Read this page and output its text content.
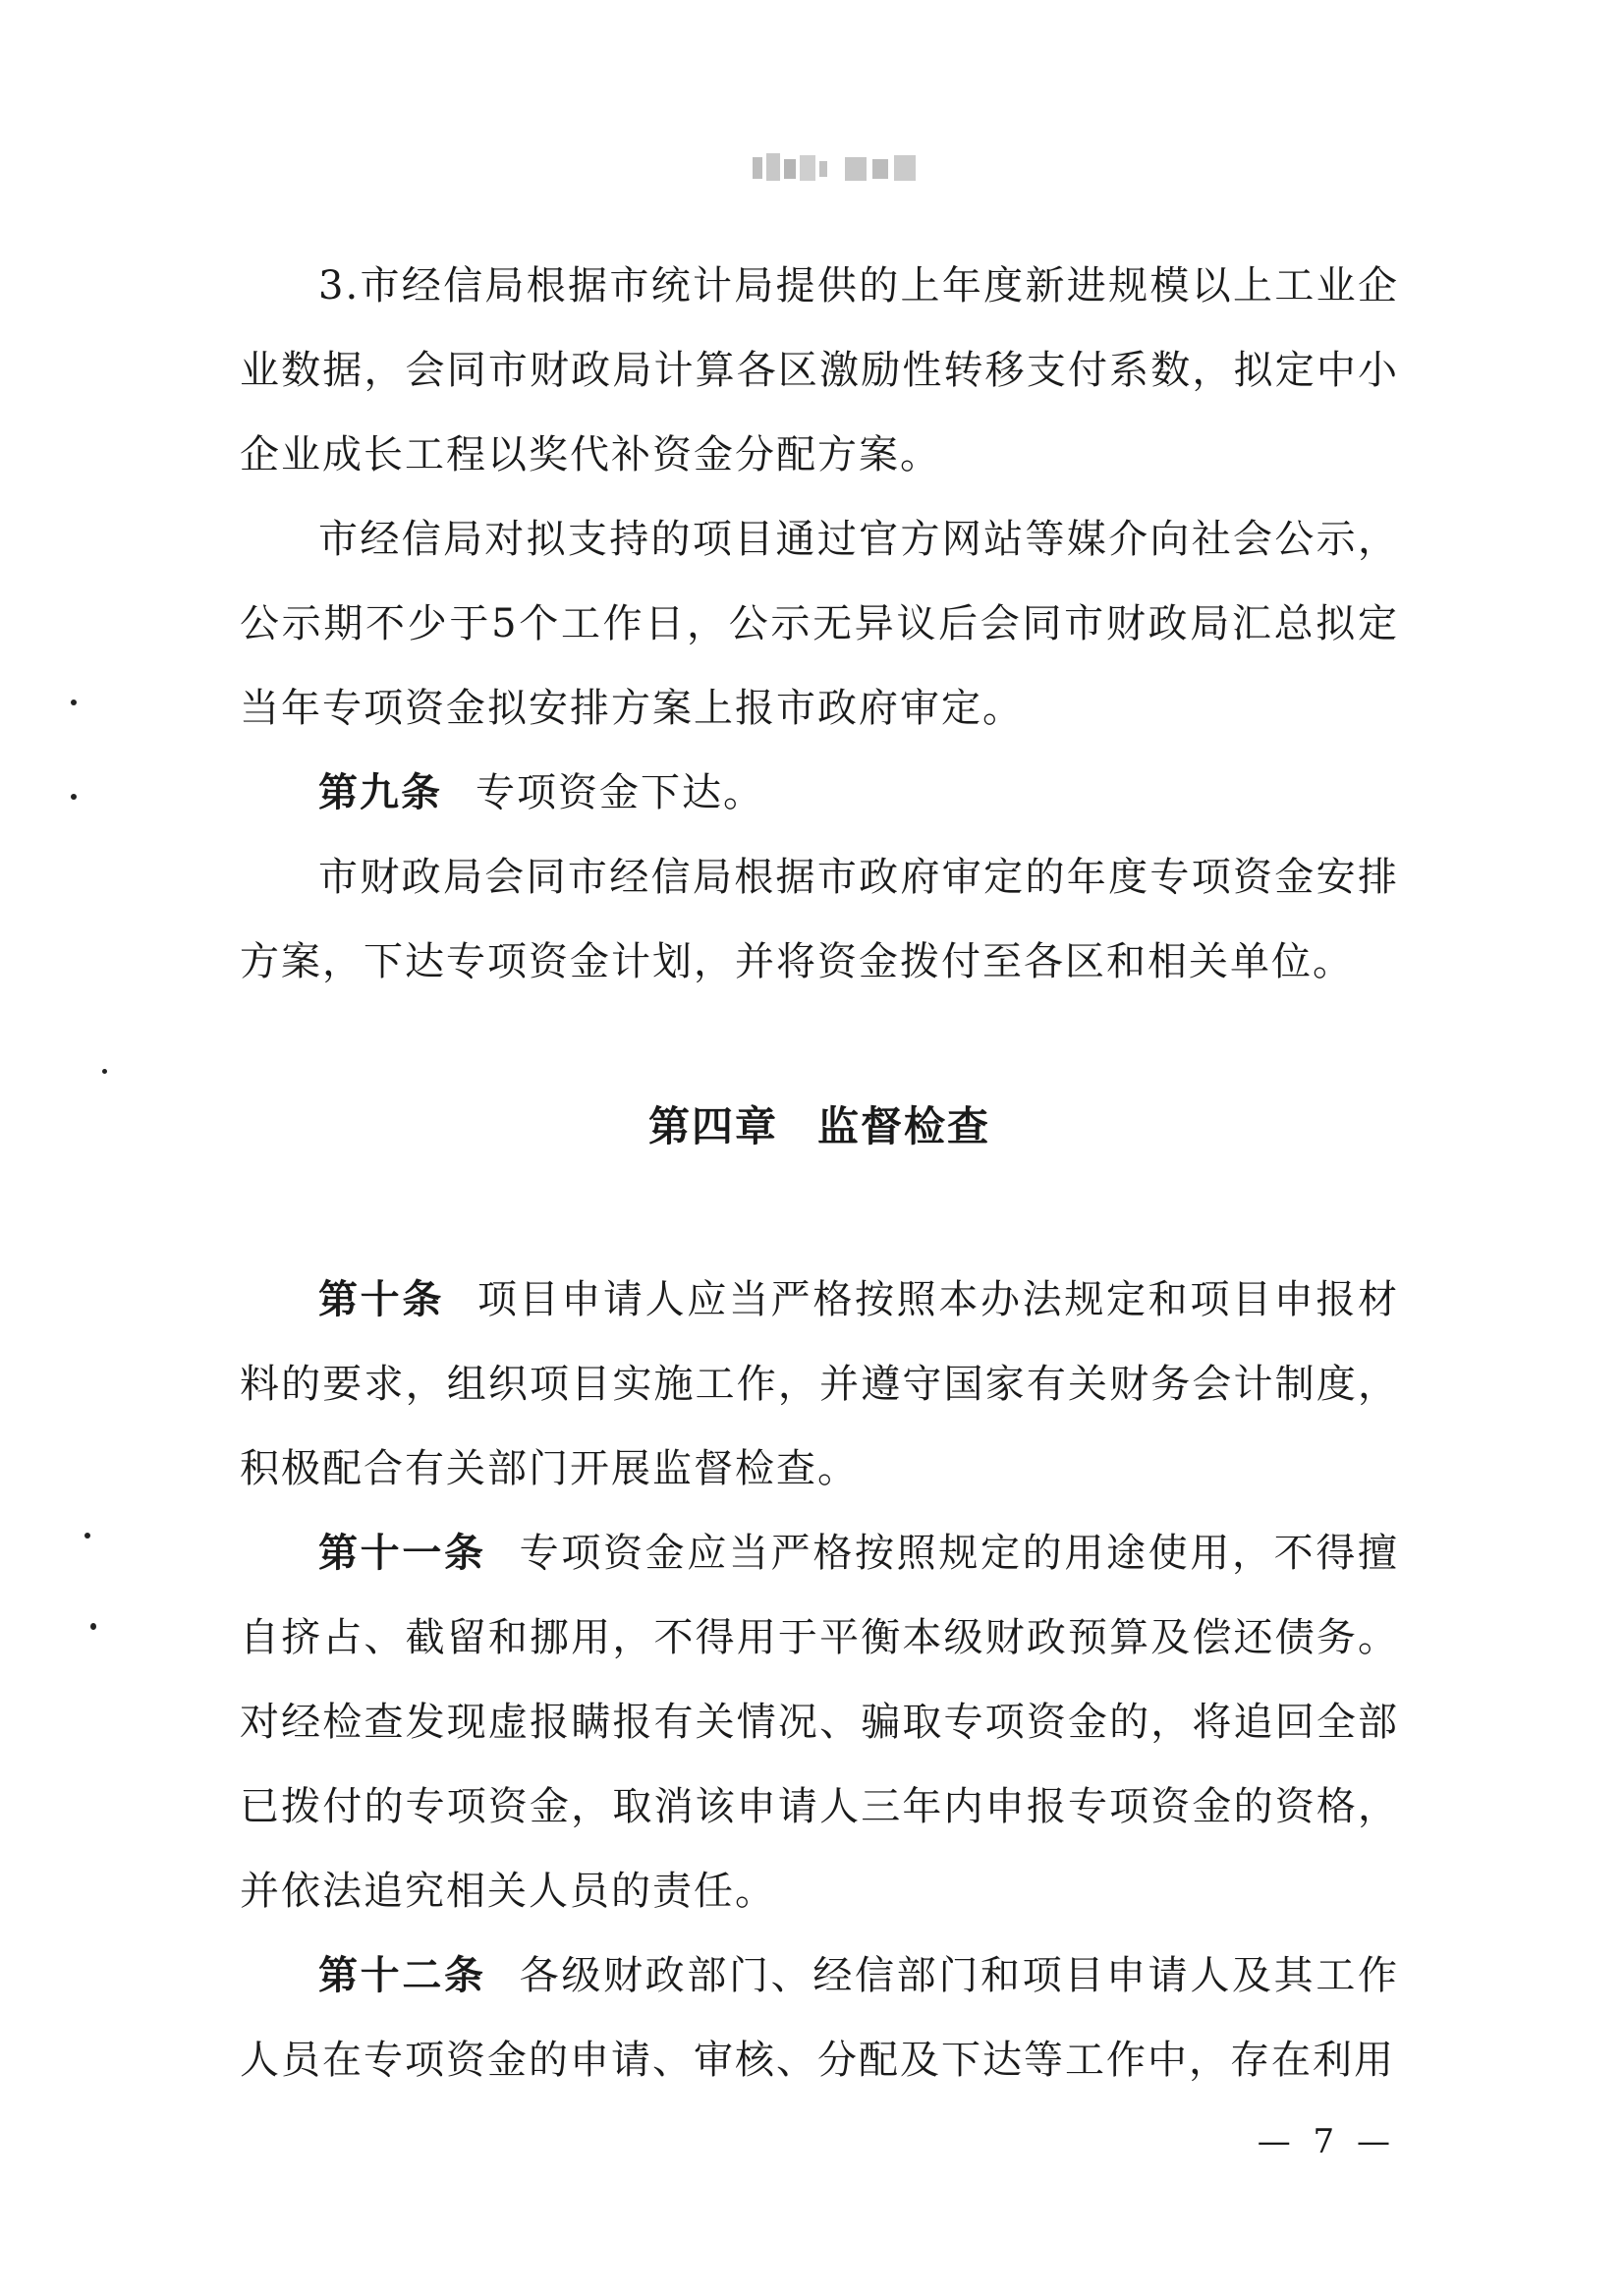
3.市经信局根据市统计局提供的上年度新进规模以上工业企业数据，会同市财政局计算各区激励性转移支付系数，拟定中小企业成长工程以奖代补资金分配方案。

市经信局对拟支持的项目通过官方网站等媒介向社会公示，公示期不少于5个工作日，公示无异议后会同市财政局汇总拟定当年专项资金拟安排方案上报市政府审定。

第九条 专项资金下达。

市财政局会同市经信局根据市政府审定的年度专项资金安排方案，下达专项资金计划，并将资金拨付至各区和相关单位。

第四章 监督检查

第十条 项目申请人应当严格按照本办法规定和项目申报材料的要求，组织项目实施工作，并遵守国家有关财务会计制度，积极配合有关部门开展监督检查。

第十一条 专项资金应当严格按照规定的用途使用，不得擅自挤占、截留和挪用，不得用于平衡本级财政预算及偿还债务。对经检查发现虚报瞒报有关情况、骗取专项资金的，将追回全部已拨付的专项资金，取消该申请人三年内申报专项资金的资格，并依法追究相关人员的责任。

第十二条 各级财政部门、经信部门和项目申请人及其工作人员在专项资金的申请、审核、分配及下达等工作中，存在利用

— 7 —
